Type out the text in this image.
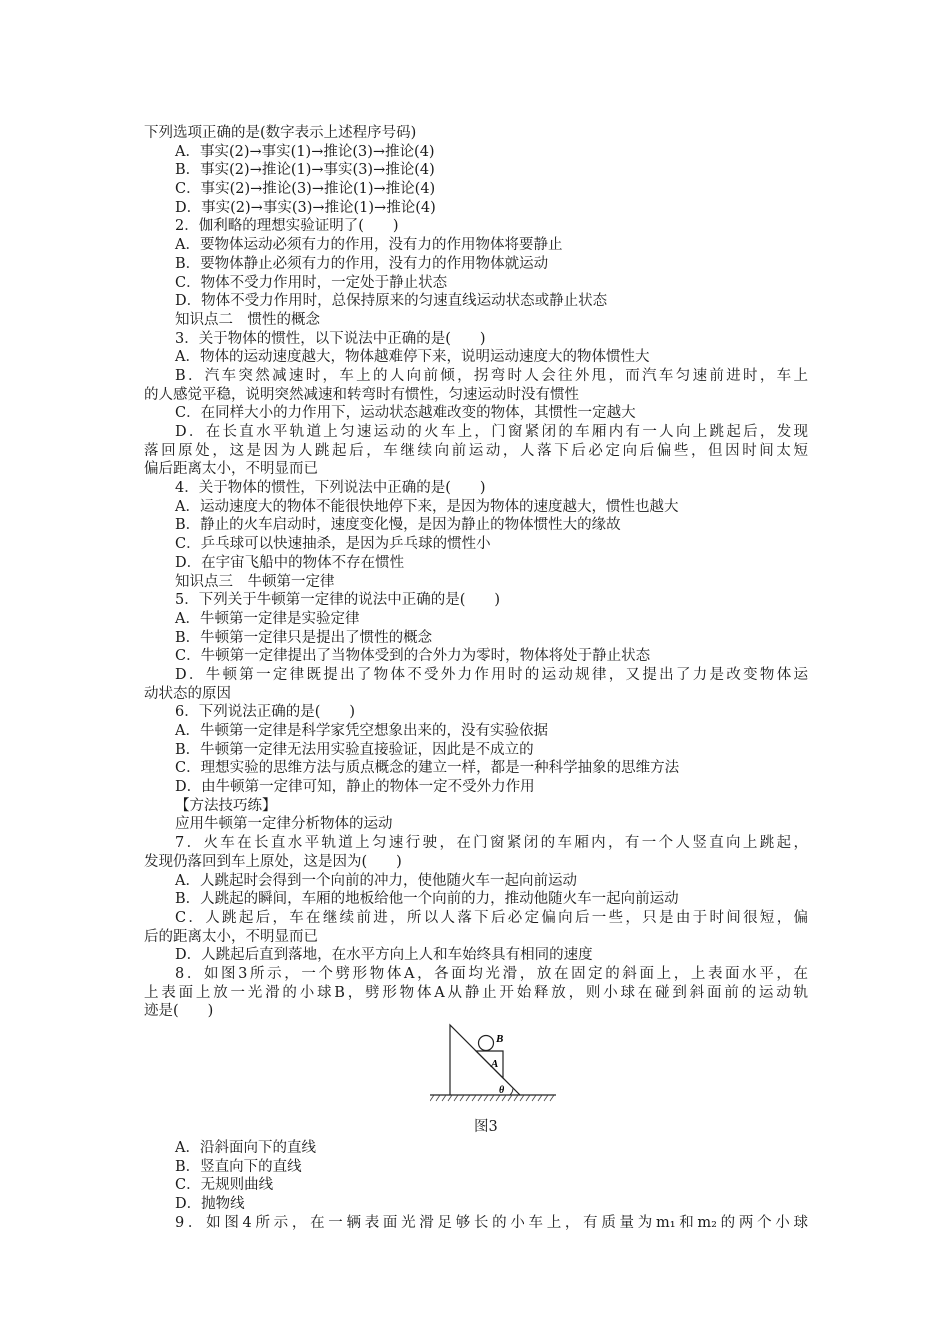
下列选项正确的是(数字表示上述程序号码)
A．事实(2)→事实(1)→推论(3)→推论(4)
B．事实(2)→推论(1)→事实(3)→推论(4)
C．事实(2)→推论(3)→推论(1)→推论(4)
D．事实(2)→事实(3)→推论(1)→推论(4)
2．伽利略的理想实验证明了(　　)
A．要物体运动必须有力的作用，没有力的作用物体将要静止
B．要物体静止必须有力的作用，没有力的作用物体就运动
C．物体不受力作用时，一定处于静止状态
D．物体不受力作用时，总保持原来的匀速直线运动状态或静止状态
知识点二　惯性的概念
3．关于物体的惯性，以下说法中正确的是(　　)
A．物体的运动速度越大，物体越难停下来，说明运动速度大的物体惯性大
B．汽车突然减速时，车上的人向前倾，拐弯时人会往外甩，而汽车匀速前进时，车上
的人感觉平稳，说明突然减速和转弯时有惯性，匀速运动时没有惯性
C．在同样大小的力作用下，运动状态越难改变的物体，其惯性一定越大
D．在长直水平轨道上匀速运动的火车上，门窗紧闭的车厢内有一人向上跳起后，发现
落回原处，这是因为人跳起后，车继续向前运动，人落下后必定向后偏些，但因时间太短
偏后距离太小，不明显而已
4．关于物体的惯性，下列说法中正确的是(　　)
A．运动速度大的物体不能很快地停下来，是因为物体的速度越大，惯性也越大
B．静止的火车启动时，速度变化慢，是因为静止的物体惯性大的缘故
C．乒乓球可以快速抽杀，是因为乒乓球的惯性小
D．在宇宙飞船中的物体不存在惯性
知识点三　牛顿第一定律
5．下列关于牛顿第一定律的说法中正确的是(　　)
A．牛顿第一定律是实验定律
B．牛顿第一定律只是提出了惯性的概念
C．牛顿第一定律提出了当物体受到的合外力为零时，物体将处于静止状态
D．牛顿第一定律既提出了物体不受外力作用时的运动规律，又提出了力是改变物体运
动状态的原因
6．下列说法正确的是(　　)
A．牛顿第一定律是科学家凭空想象出来的，没有实验依据
B．牛顿第一定律无法用实验直接验证，因此是不成立的
C．理想实验的思维方法与质点概念的建立一样，都是一种科学抽象的思维方法
D．由牛顿第一定律可知，静止的物体一定不受外力作用
【方法技巧练】
应用牛顿第一定律分析物体的运动
7．火车在长直水平轨道上匀速行驶，在门窗紧闭的车厢内，有一个人竖直向上跳起，
发现仍落回到车上原处，这是因为(　　)
A．人跳起时会得到一个向前的冲力，使他随火车一起向前运动
B．人跳起的瞬间，车厢的地板给他一个向前的力，推动他随火车一起向前运动
C．人跳起后，车在继续前进，所以人落下后必定偏向后一些，只是由于时间很短，偏
后的距离太小，不明显而已
D．人跳起后直到落地，在水平方向上人和车始终具有相同的速度
8．如图3所示，一个劈形物体A，各面均光滑，放在固定的斜面上，上表面水平，在
上表面上放一光滑的小球B，劈形物体A从静止开始释放，则小球在碰到斜面前的运动轨
迹是(　　)
B
A
θ
图3
A．沿斜面向下的直线
B．竖直向下的直线
C．无规则曲线
D．抛物线
9．如图4所示，在一辆表面光滑足够长的小车上，有质量为m₁和m₂的两个小球
